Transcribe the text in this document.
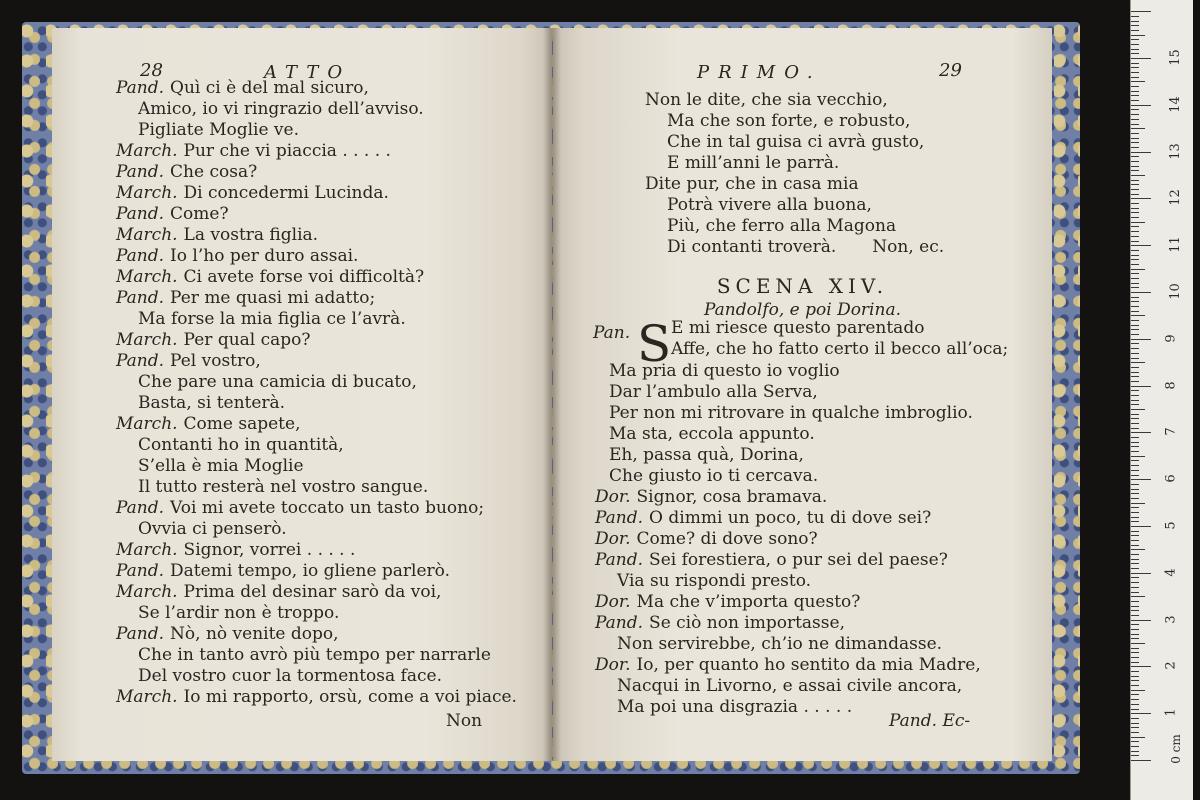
28	ATTO
Pand. Quì ci è del mal sicuro,
Amico, io vi ringrazio dell’avviso.
Pigliate Moglie ve.
March. Pur che vi piaccia . . . . .
Pand. Che cosa?
March. Di concedermi Lucinda.
Pand. Come?
March. La vostra figlia.
Pand. Io l’ho per duro assai.
March. Ci avete forse voi difficoltà?
Pand. Per me quasi mi adatto;
Ma forse la mia figlia ce l’avrà.
March. Per qual capo?
Pand. Pel vostro,
Che pare una camicia di bucato,
Basta, si tenterà.
March. Come sapete,
Contanti ho in quantità,
S’ella è mia Moglie
Il tutto resterà nel vostro sangue.
Pand. Voi mi avete toccato un tasto buono;
Ovvia ci penserò.
March. Signor, vorrei . . . . .
Pand. Datemi tempo, io gliene parlerò.
March. Prima del desinar sarò da voi,
Se l’ardir non è troppo.
Pand. Nò, nò venite dopo,
Che in tanto avrò più tempo per narrarle
Del vostro cuor la tormentosa face.
March. Io mi rapporto, orsù, come a voi piace.
Non
PRIMO.	29
Non le dite, che sia vecchio,
Ma che son forte, e robusto,
Che in tal guisa ci avrà gusto,
E mill’anni le parrà.
Dite pur, che in casa mia
Potrà vivere alla buona,
Più, che ferro alla Magona
Di contanti troverà. Non, ec.
SCENA XIV.
Pandolfo, e poi Dorina.
Pan. S E mi riesce questo parentado
Affe, che ho fatto certo il becco all’oca;
Ma pria di questo io voglio
Dar l’ambulo alla Serva,
Per non mi ritrovare in qualche imbroglio.
Ma sta, eccola appunto.
Eh, passa quà, Dorina,
Che giusto io ti cercava.
Dor. Signor, cosa bramava.
Pand. O dimmi un poco, tu di dove sei?
Dor. Come? di dove sono?
Pand. Sei forestiera, o pur sei del paese?
Via su rispondi presto.
Dor. Ma che v’importa questo?
Pand. Se ciò non importasse,
Non servirebbe, ch’io ne dimandasse.
Dor. Io, per quanto ho sentito da mia Madre,
Nacqui in Livorno, e assai civile ancora,
Ma poi una disgrazia . . . . .
Pand. Ec-
0 cm
1
2
3
4
5
6
7
8
9
10
11
12
13
14
15
